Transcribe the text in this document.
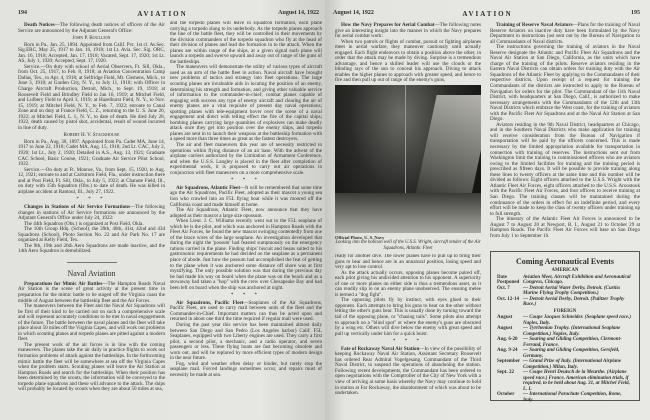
194	AVIATION	August 14, 1922

Death Notices—The following death notices of officers of the Air Service are announced by the Adjutant General's Office:

John P. Boullion

Born in Pa., Jan. 25, 1894. Appointed from Calif. Pvt. 1st cl. Av.Sec. Sig.ERC, May 25, 1917 to Jan. 16, 1918; 1st Lt. Avia. Sec. Sig. ORC, Jan. 16, 1918; Accepted, Jan. 17, 1918; Vacated, Sept. 17, 1920; 1st Lt. AS, July 1, 1920; Accepted, Sept. 17, 1920.

Service.—On duty with school of Aerial Observers, Ft. Sill, Okla., from Oct. 25, 1917, to Feb. 8, 1918; at Aviation Concentration Camp Dallas, Tex., to Apr. 4, 1918; at Selfridge Field, Mt. Clemens, Mich., to June 3, 1918; at Garden City, N. Y., to July 11, 1918; with Officer in Charge Aircraft Production, Detroit, Mich., to Sept. 19, 1918; at Roosevelt Field and Brindley Field to Jan 16, 1919; at Mitchel Field, and Lufbery Field to April 3, 1919; at Hazelhurst Field, N. Y., to Nov. 15, 1919; at Mitchel Field, N. Y., to Feb. 7, 1922; enroute to Canal Zone and on duty at France Field, C. Z., returning to the U. S. June 26, 1922; at Mitchel Field, L. I., N. Y., to date of death. He died July 28, 1922, death caused by pistol shot, accidental, result of wound incurred in line of duty.

Robert H. V. Stackhouse

Born in Pa., Aug. 30, 1897. Appointed from Pa. Cadet MA, June 14, 1917 to June 22, 1918; Cadet MA, Aug. 15, 1918; 2nd Lt. CAC, July 2, 1920; 1st Lt., July 2, 1920; Detailed in A.S., Aug. 13, 1921; Graduate CAC School, Basic Course, 1921; Graduate Air Service Pilot School, 1922.

Service.—On duty at Ft. Monroe, Va., from Sept. 15, 1920, to Aug. 12, 1921; enroute to and at Carlstrom Field, Fla., under instruction there and at Post Field, Ft. Sill, Okla., to July 5, 1922; at Chanute Field, Ill., on duty with 15th Squadron (Obs.) to date of death. He was killed in airplane accident at Rantoul, Ill., July 27, 1922.

* * *

Changes in Stations of Air Service Formations—The following changes in stations of Air Service formations are announced by the Adjutant General's Office under July 24, 1922:

The 44th Squadron (Obs.) is organized at Post Field, Okla.

The 10th Group Hdq. (School), the 39th, 40th, 41st, 42nd and 43d Squadrons (School), Photo Section No. 22 and Air Park No. 17 are organized at Kelly Field, Tex.

The 9th, 19th and 26th Aero Squadrons are made inactive, and the 14th Aero Squadron is demobilized.

Naval Aviation

Preparations for Mimic Air Battles—The Hampton Roads Naval Air Station is the scene of great activity at the present time in preparation for the mimic battle to be staged off the Virginia coast the middle of August between the battleship fleet and the Air Forces.

The maneuvers between the Fleet and the Naval Air Squadrons will be first of their kind to be carried out on such a comprehensive scale and will represent accurately conditions to be met in naval engagements of the future. The battle between the naval planes and the fleet will take place about 50 miles off the Virginia Capes, and will work out problems in which scouting planes and torpedo planes are pitted against a modern fleet.

The present work of the air forces is in line with the coming maneuvers. The planes take the air daily in practice flights to work out formation problems of attack against the battleships. In the forthcoming mimic battle the fleet will be somewhere at sea off the Virginia Capes when the problem starts. Scouting planes will leave the Air Station at Hampton Roads and search for the battleships. When their position has been determined by the scouts, the information will be conveyed to the torpedo plane squadrons and these will advance to the attack. The ships will probably be located by scouts when they are about 50 miles at sea,

and the torpedo planes will leave in squadron formation, each plane carrying a torpedo slung to its underbody. As the torpedo planes approach the line of the battle fleet, they will be controlled in their movements by the division commanders of the torpedo squadron who fly at the head of their division of planes and lead the formation in to the attack. When the planes are within range of the ships, at a given signal each plane will launch a torpedo and swerve upward and away out of range of the guns of the battleships.

The maneuvers will demonstrate the utility of various types of aircraft used as an arm of the battle fleet in action. Naval aircraft have brought new problems of tactics and strategy into fleet operations. The large scouting planes are invaluable aids in locating the position of an enemy, determining his strength and formation, and giving other valuable service of information to the commander-in-chief; combat planes capable of engaging with success any type of enemy aircraft and clearing the air of enemy planes are a vital requisite of present day naval operations; spotting planes with tele-equipment hover over the scene of a naval engagement and direct with telling effect the fire of the capital ships; bombing planes carrying large quantities of explosives can make deadly attack once they get into position over the enemy ships, and torpedo planes are sent in to launch their weapons at the battleship formation with a speed more than three times as great as the fastest destroyers.

The air and fleet maneuvers this year are of necessity restricted to operations within flying distance of an air base. With the advent of the airplane carriers authorized by the Limitation of Armament Conference, and when the U.S.S. Langley is placed in the fleet after completion of experimental work, it is proposed to carry out air operations in conjunction with fleet maneuvers on a more comprehensive scale.

* * *

Air Squadrons, Atlantic Fleet—It will be remembered that some time ago the Air Squadrons, Pacific Fleet, adopted as their mascot a young sea lion who crawled into an F5L flying boat while it was moored off the California coast and made himself at home.

The Air Squadrons, Atlantic Fleet, now announce that they have adopted as their mascot a large size opossum.

When Lieut. J. C. Williams recently went out to the F5L seaplane of which he is the pilot, and which was anchored in Hampton Roads with the Fleet Air Forces, he found the new mascot swinging contentedly from one of the brace wires of the large seaplane. An investigation developed that during the night the 'possum' had feasted sumptuously on the emergency rations carried in the plane. Finding ships' biscuit and beans suited to his gastronomic requirements he had decided on the seaplane as a permanent place of abode. Just how the possum had accomplished the feat of getting to the plane when it was anchored some distance off shore was at first mystifying. The only possible solution was that during the previous day he had made his way on board when the plane was on the beach and as a stowaway had taken a "hop" with the crew over Chesapeake Bay and had been left on board when the ship was anchored at night.

* * *

Air Squadrons, Pacific Fleet—Seaplanes of the Air Squadrons, Pacific Fleet, are used to carry mail between units of the fleet and the Commander-in-Chief. Important matters can thus be acted upon and returned in about one third the time required if regular mail were used.

During the past year this service has been maintained almost daily between San Diego and San Pedro (Los Angeles harbor) Calif. F5L Seaplanes, equipped with two Liberty engines are used. They carry a first pilot, a second pilot, a mechanic, and a radio operator, and seven passengers or less. These flying boats are fast becoming obsolete and worn out, and will be replaced by more efficient types of modern design in the near future.

Fog, wind and weather often delay or hinder, but rarely stop the seaplane mail. Forced landings sometimes occur, and repairs must of necessity be made at sea.

August 14, 1922	AVIATION	195

How the Navy Prepares for Aerial Combat—The following notes give an interesting insight into the manner in which the Navy prepares for aerial combat work:

When two patrols or flights of combat, pursuit or fighting airplanes meet in aerial warfare, they maneuver cautiously until actually engaged. Each flight endeavors to obtain a position above the other, in order that the attack may be made by diving. Surprise is a tremendous advantage, and hence a skilled leader will use the clouds or the blinding rays of the sun to conceal his approach. Diving to attack enables the higher planes to approach with greater speed, and hence to fire and then pull up out of range of the enemy's guns,

Official Photo, U. S. Navy
Looking into the balloon well of the U.S.S. Wright, aircraft tender of the Air Squadrons, Atlantic Fleet

ready for another dive. The lower planes have to pull up to bring their guns to bear and hence are in an unnatural position, losing speed and very apt to lose control.

As the attack actually occurs, opposing planes become paired off, each pilot giving his undivided attention to his opponent. A superiority of one or more planes on either side is thus a tremendous asset, as it can readily slip in on an enemy plane unobserved. The ensuing melee is termed a "dog fight".

The opposing pilots fly by instinct, with eyes glued to their opponent. Each attempts to bring his guns to bear on the other without letting the other's guns bear. This is usually done by turning toward the tail of the opposing plane, or "chasing tails". Some pilots also attempt to approach on a "blind spot" or where the enemy's guns are obscured by a wing etc. Others will dive below the enemy with great speed and pull up vertically under him for a quick burst.

* * *

Fate of Rockaway Naval Air Station—In view of the possibility of keeping Rockaway Naval Air Station, Assistant Secretary Roosevelt has ordered Rear Admiral Vogelgesang, Commandant of the Third Naval District, to suspend the operations of abandoning the station. Following recent developments, the Commandant has been ordered to open negotiations with the Comptroller of the City of New York with a view of arriving at some basis whereby the Navy may continue to hold in station at Far Rockaway, the abandonment of which was about to be undertaken.

Training of Reserve Naval Aviators—Plans for the training of Naval Reserve Aviators on inactive duty have been formulated by the Navy Department in instructions just sent out by the Bureau of Navigation to all Commandants of Naval districts.

The instructions governing the training of aviators in the Naval Reserve designate the Atlantic and Pacific Fleet Air Squadrons and the Naval Air Station at San Diego, California, as the units which have charge of the training of the pilots. Reserve aviators residing in the Eastern Naval Districts can obtain orders for training duty with the Air Squadrons of the Atlantic Fleet by applying to the Commandants of their respective districts. Upon receipt of a request for training the Commandants of the districts are instructed to apply to the Bureau of Navigation for orders for the pilot. The Commandant of the 11th Naval District, with headquarters at San Diego, Calif., is authorized to make necessary arrangements with the Commandants of the 12th and 13th Naval Districts which embrace the West coast, for the training of aviators with the Pacific Fleet Air Squadrons and at the Naval Air Station at San Diego.

Aviators residing in the 9th Naval District, headquarters at Chicago, and in the Southern Naval Districts who make application for training will receive consideration from the Bureau of Navigation if transportation will be paid by the officers concerned. This is made necessary by the limited appropriation available for transportation in connection with training of reserves. The instructions sent out from Washington limit the training to commissioned officers who are aviators owing to the limited facilities for training and the training period is prescribed as fifteen days. It will be possible to provide training along these lines to twenty officers at the same time and this number will be divided as follows: Eight officers attached to the U.S.S. Wright with the Atlantic Fleet Air Forces, eight officers attached to the U.S.S. Aroostook with the Pacific Fleet Air Forces, and four officers to receive training at San Diego. The training classes will be maintained during the continuance of the orders in effect for an indefinite period, and every effort will be made to keep the class of twenty officers under training up to full strength.

The itinerary of the Atlantic Fleet Air Forces is announced to be August 7 to August 20 at Newport, R. I., August 21 to October 29 at Hampton Roads. The Pacific Fleet Air Forces will base on San Diego from July 1 to September 16.

Coming Aeronautical Events
AMERICAN
Date Postponed
Aviation Meet, Aircraft Exhibition and Aeronautical Congress, Chicago.
Oct. 7	— Detroit Aerial Water Derby, Detroit. (Curtiss Marine Flying Trophy Competition.)
Oct. 12-14 — Detroit Aerial Derby, Detroit. (Pulitzer Trophy Race.)
FOREIGN
August	— Coupe Jacques Schneider. (Seaplane speed race.) Naples, Italy.
August	— Tyrrhenian Trophy. (International Seaplane Competition.) Naples, Italy.
Aug. 6-20	— Soaring and Gliding Competition, Clermont-Ferrand, France.
Aug. 9-24	— Soaring and Gliding Competition, Gersfeld, Germany.
September — Grand Prize of Italy. (International Airplane Competition.) Milan, Italy.
Sept. 22	— Coupe Henri Deutsch de la Meurthe. (Airplane speed race.) France. American elimination trials, if required, to be held about Aug. 31, at Mitchel Field, L. I.
October	— International Parachute Competition, Rome, Italy.
